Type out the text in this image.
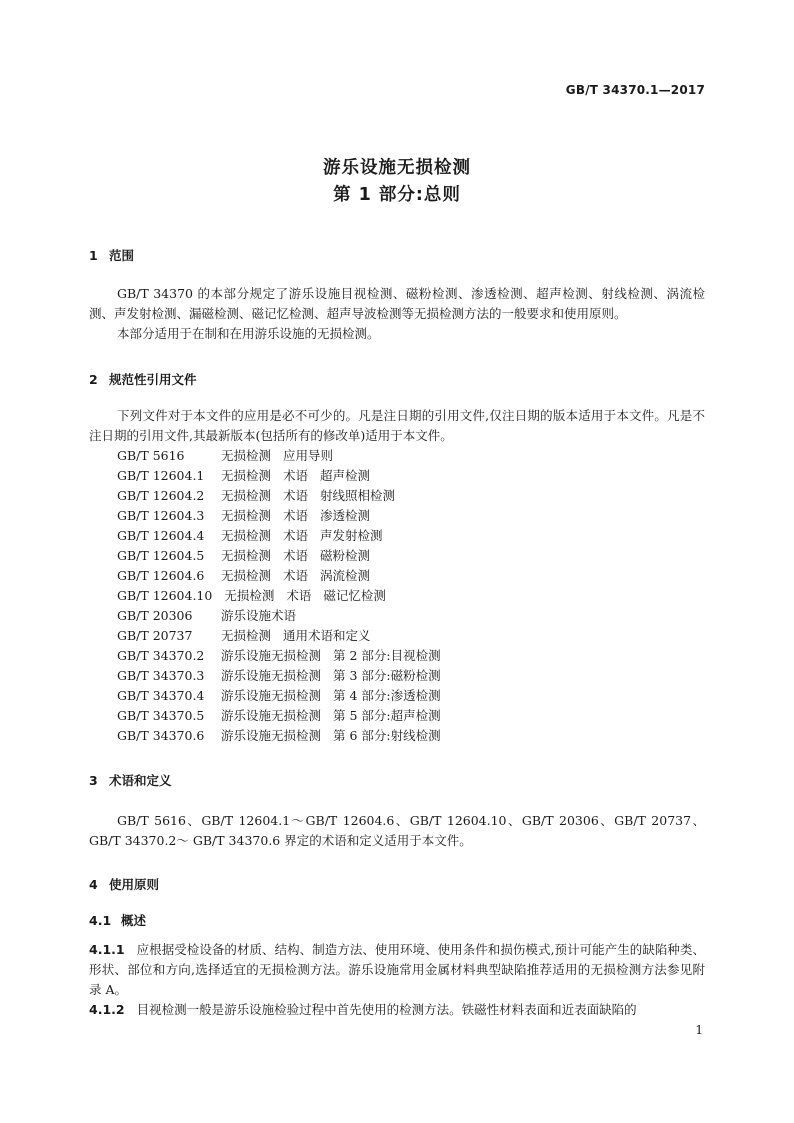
GB/T 34370.1—2017
游乐设施无损检测
第 1 部分:总则
1 范围
GB/T 34370 的本部分规定了游乐设施目视检测、磁粉检测、渗透检测、超声检测、射线检测、涡流检测、声发射检测、漏磁检测、磁记忆检测、超声导波检测等无损检测方法的一般要求和使用原则。
本部分适用于在制和在用游乐设施的无损检测。
2 规范性引用文件
下列文件对于本文件的应用是必不可少的。凡是注日期的引用文件,仅注日期的版本适用于本文件。凡是不注日期的引用文件,其最新版本(包括所有的修改单)适用于本文件。
GB/T 5616	无损检测 应用导则
GB/T 12604.1 无损检测 术语 超声检测
GB/T 12604.2 无损检测 术语 射线照相检测
GB/T 12604.3 无损检测 术语 渗透检测
GB/T 12604.4 无损检测 术语 声发射检测
GB/T 12604.5 无损检测 术语 磁粉检测
GB/T 12604.6 无损检测 术语 涡流检测
GB/T 12604.10 无损检测 术语 磁记忆检测
GB/T 20306 游乐设施术语
GB/T 20737 无损检测 通用术语和定义
GB/T 34370.2 游乐设施无损检测 第 2 部分:目视检测
GB/T 34370.3 游乐设施无损检测 第 3 部分:磁粉检测
GB/T 34370.4 游乐设施无损检测 第 4 部分:渗透检测
GB/T 34370.5 游乐设施无损检测 第 5 部分:超声检测
GB/T 34370.6 游乐设施无损检测 第 6 部分:射线检测
3 术语和定义
GB/T 5616、GB/T 12604.1～GB/T 12604.6、GB/T 12604.10、GB/T 20306、GB/T 20737、GB/T 34370.2～ GB/T 34370.6 界定的术语和定义适用于本文件。
4 使用原则
4.1 概述
4.1.1 应根据受检设备的材质、结构、制造方法、使用环境、使用条件和损伤模式,预计可能产生的缺陷种类、形状、部位和方向,选择适宜的无损检测方法。游乐设施常用金属材料典型缺陷推荐适用的无损检测方法参见附录 A。
4.1.2 目视检测一般是游乐设施检验过程中首先使用的检测方法。铁磁性材料表面和近表面缺陷的
1
